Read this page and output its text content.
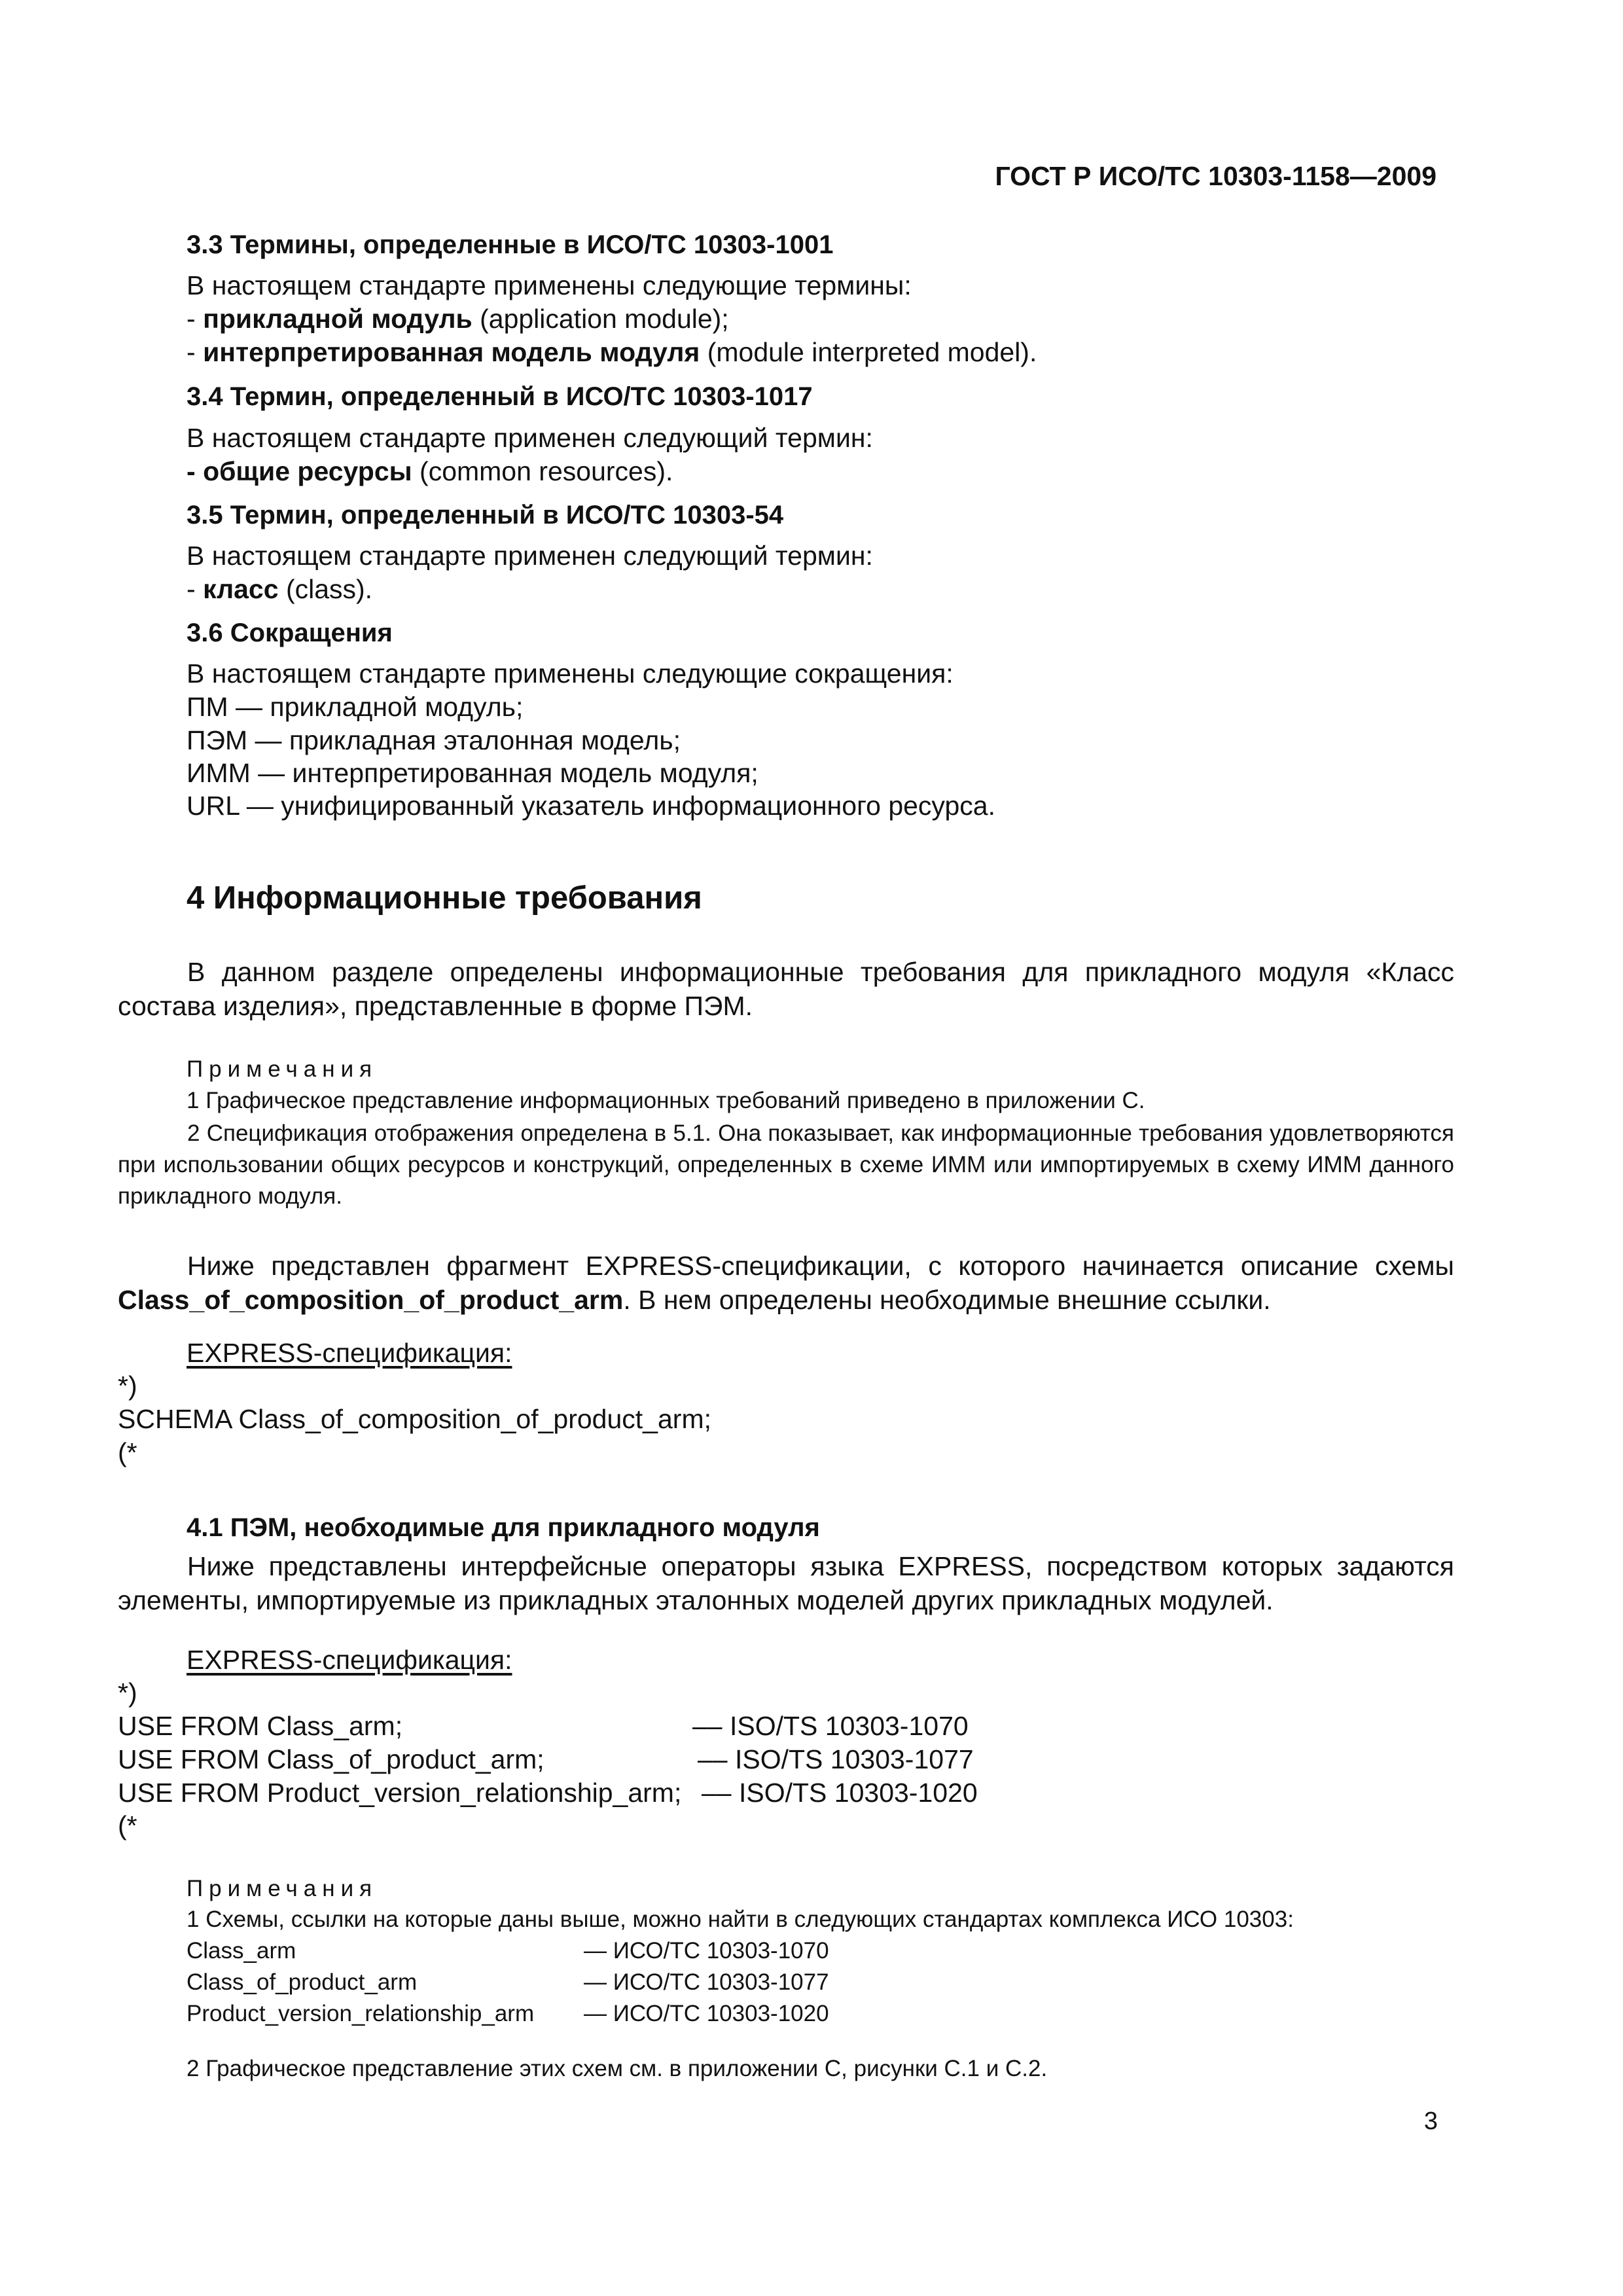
ГОСТ Р ИСО/ТС 10303-1158—2009
3.3 Термины, определенные в ИСО/ТС 10303-1001
В настоящем стандарте применены следующие термины:
- прикладной модуль (application module);
- интерпретированная модель модуля (module interpreted model).
3.4 Термин, определенный в ИСО/ТС 10303-1017
В настоящем стандарте применен следующий термин:
- общие ресурсы (common resources).
3.5 Термин, определенный в ИСО/ТС 10303-54
В настоящем стандарте применен следующий термин:
- класс (class).
3.6 Сокращения
В настоящем стандарте применены следующие сокращения:
ПМ — прикладной модуль;
ПЭМ — прикладная эталонная модель;
ИММ — интерпретированная модель модуля;
URL — унифицированный указатель информационного ресурса.
4 Информационные требования
В данном разделе определены информационные требования для прикладного модуля «Класс состава изделия», представленные в форме ПЭМ.
Примечания
1 Графическое представление информационных требований приведено в приложении С.
2 Спецификация отображения определена в 5.1. Она показывает, как информационные требования удовлетворяются при использовании общих ресурсов и конструкций, определенных в схеме ИММ или импортируемых в схему ИММ данного прикладного модуля.
Ниже представлен фрагмент EXPRESS-спецификации, с которого начинается описание схемы Class_of_composition_of_product_arm. В нем определены необходимые внешние ссылки.
EXPRESS-спецификация:
*)
SCHEMA Class_of_composition_of_product_arm;
(*
4.1 ПЭМ, необходимые для прикладного модуля
Ниже представлены интерфейсные операторы языка EXPRESS, посредством которых задаются элементы, импортируемые из прикладных эталонных моделей других прикладных модулей.
EXPRESS-спецификация:
*)
USE FROM Class_arm;	–– ISO/TS 10303-1070
USE FROM Class_of_product_arm;	–– ISO/TS 10303-1077
USE FROM Product_version_relationship_arm; –– ISO/TS 10303-1020
(*
Примечания
1 Схемы, ссылки на которые даны выше, можно найти в следующих стандартах комплекса ИСО 10303:
Class_arm	— ИСО/ТС 10303-1070
Class_of_product_arm	— ИСО/ТС 10303-1077
Product_version_relationship_arm — ИСО/ТС 10303-1020
2 Графическое представление этих схем см. в приложении С, рисунки С.1 и С.2.
3
